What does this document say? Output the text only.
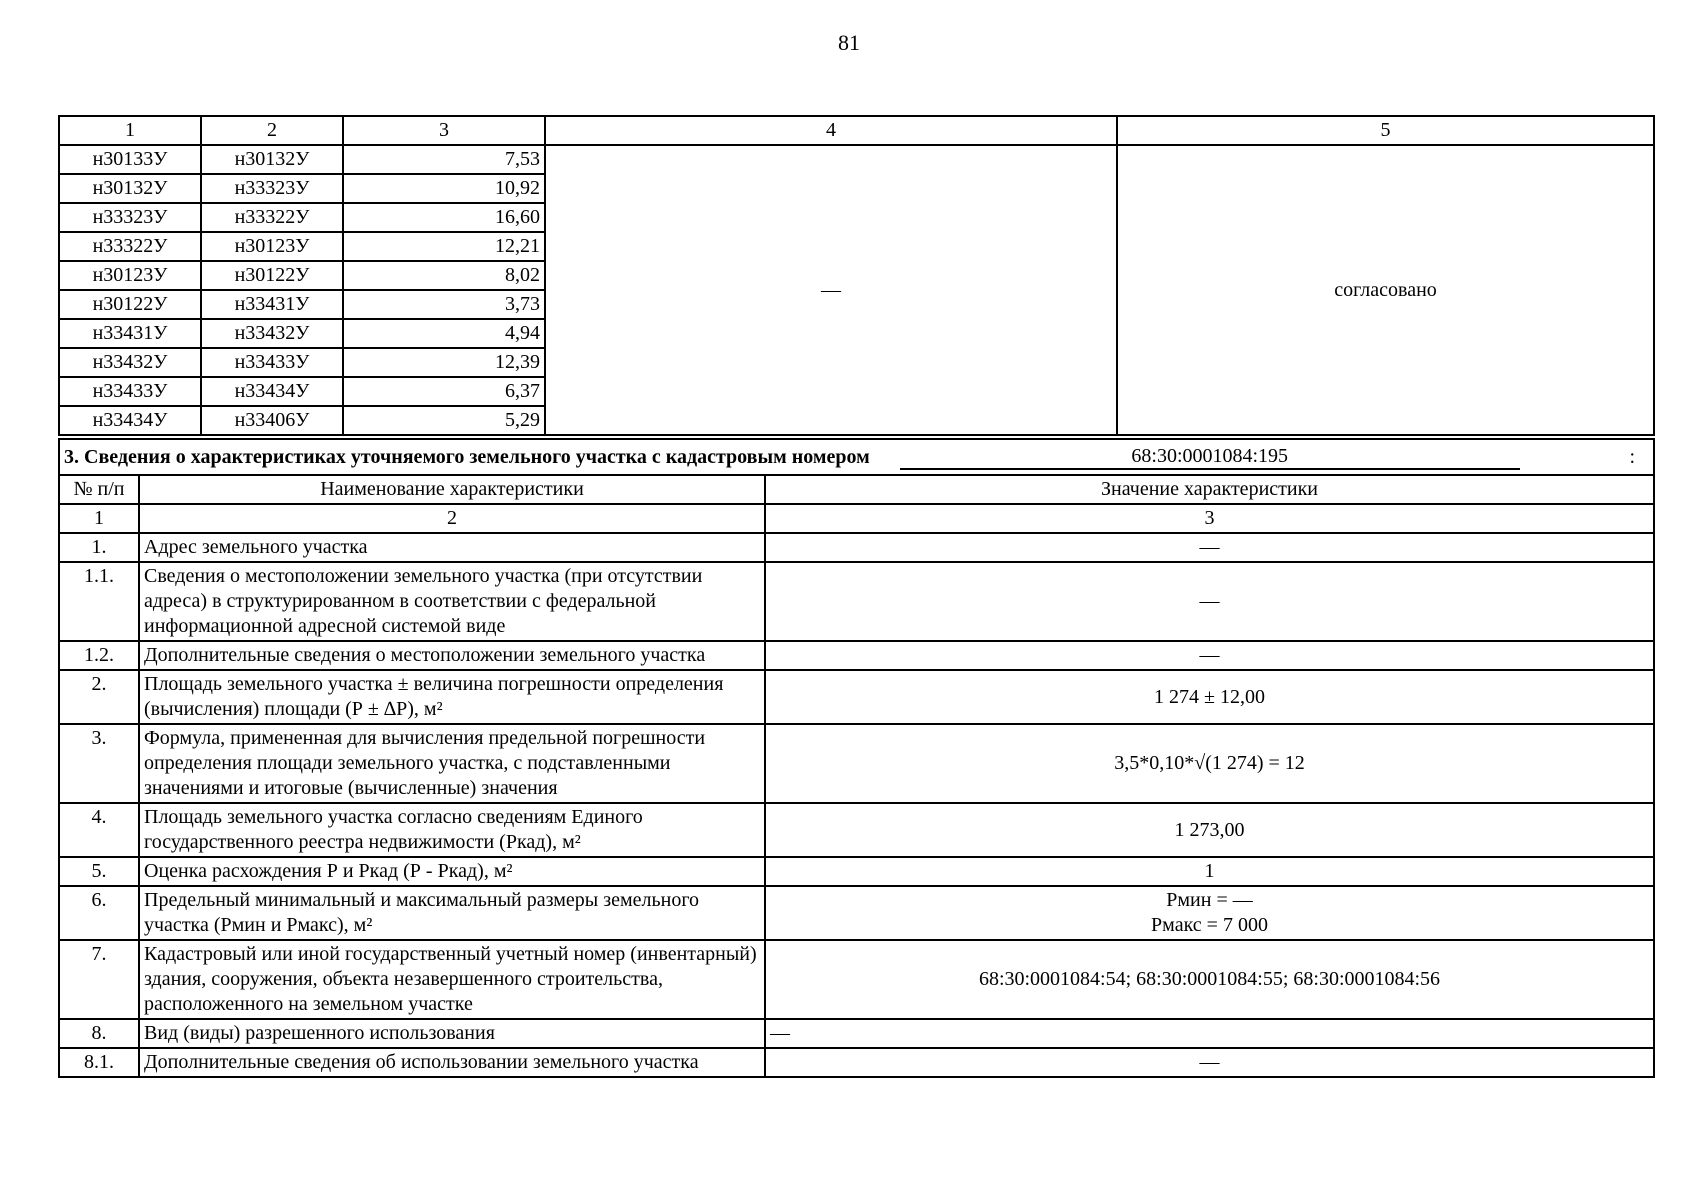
81
1	2	3	4	5
н30133У	н30132У	7,53	—	согласовано
н30132У	н33323У	10,92		
н33323У	н33322У	16,60		
н33322У	н30123У	12,21		
н30123У	н30122У	8,02		
н30122У	н33431У	3,73		
н33431У	н33432У	4,94		
н33432У	н33433У	12,39		
н33433У	н33434У	6,37		
н33434У	н33406У	5,29		
3. Сведения о характеристиках уточняемого земельного участка с кадастровым номером 68:30:0001084:195 :		

№ п/п	Наименование характеристики	Значение характеристики
1	2	3
1.	Адрес земельного участка	—
1.1.	Сведения о местоположении земельного участка (при отсутствии адреса) в структурированном в соответствии с федеральной информационной адресной системой виде	—
1.2.	Дополнительные сведения о местоположении земельного участка	—
2.	Площадь земельного участка ± величина погрешности определения (вычисления) площади (Р ± ∆Р), м²	1 274 ± 12,00
3.	Формула, примененная для вычисления предельной погрешности определения площади земельного участка, с подставленными значениями и итоговые (вычисленные) значения	3,5*0,10*√(1 274) = 12
4.	Площадь земельного участка согласно сведениям Единого государственного реестра недвижимости (Ркад), м²	1 273,00
5.	Оценка расхождения Р и Ркад (Р - Ркад), м²	1
6.	Предельный минимальный и максимальный размеры земельного участка (Рмин и Рмакс), м²	Рмин = —
Рмакс = 7 000

7.	Кадастровый или иной государственный учетный номер (инвентарный) здания, сооружения, объекта незавершенного строительства, расположенного на земельном участке	68:30:0001084:54; 68:30:0001084:55; 68:30:0001084:56
8.	Вид (виды) разрешенного использования	—
8.1.	Дополнительные сведения об использовании земельного участка	—
